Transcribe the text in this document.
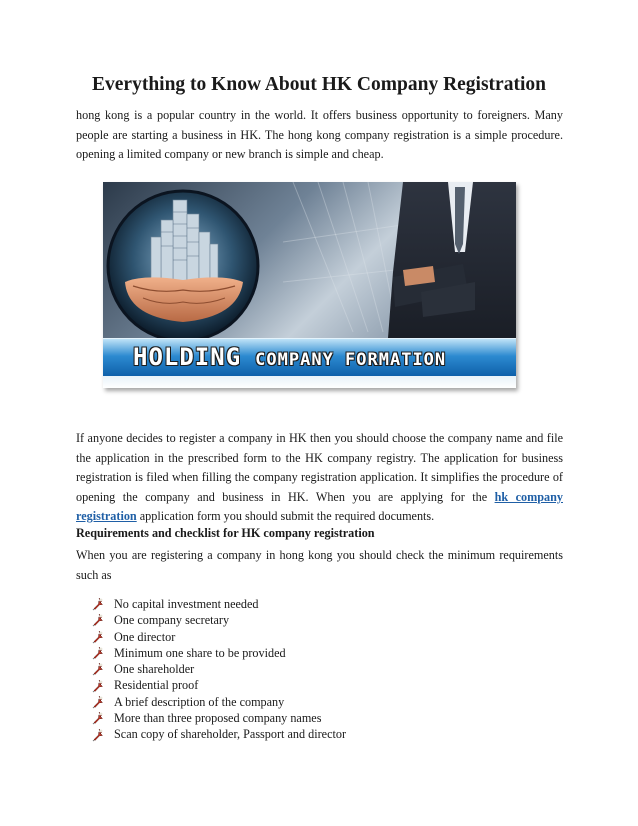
Everything to Know About HK Company Registration

hong kong is a popular country in the world. It offers business opportunity to foreigners. Many people are starting a business in HK. The hong kong company registration is a simple procedure. opening a limited company or new branch is simple and cheap.

HOLDING COMPANY FORMATION

If anyone decides to register a company in HK then you should choose the company name and file the application in the prescribed form to the HK company registry. The application for business registration is filed when filling the company registration application. It simplifies the procedure of opening the company and business in HK. When you are applying for the hk company registration application form you should submit the required documents.

Requirements and checklist for HK company registration

When you are registering a company in hong kong you should check the minimum requirements such as

No capital investment needed
One company secretary
One director
Minimum one share to be provided
One shareholder
Residential proof
A brief description of the company
More than three proposed company names
Scan copy of shareholder, Passport and director
